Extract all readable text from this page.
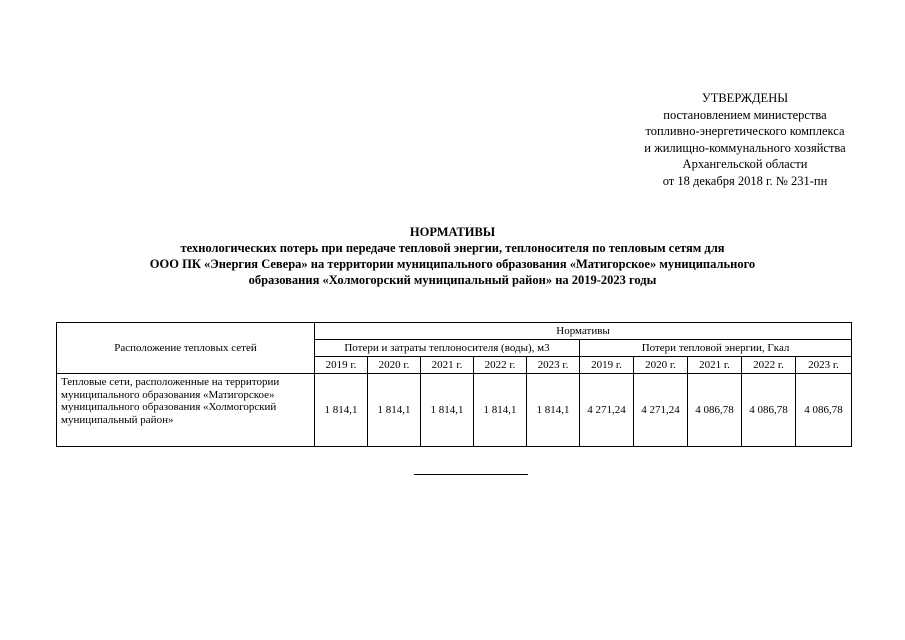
УТВЕРЖДЕНЫ
постановлением министерства
топливно-энергетического комплекса
и жилищно-коммунального хозяйства
Архангельской области
от 18 декабря 2018 г. № 231-пн
НОРМАТИВЫ
технологических потерь при передаче тепловой энергии, теплоносителя по тепловым сетям для
ООО ПК «Энергия Севера» на территории муниципального образования «Матигорское» муниципального
образования «Холмогорский муниципальный район» на 2019-2023 годы
Расположение тепловых сетей	Нормативы									
	Потери и затраты теплоносителя (воды), м3					Потери тепловой энергии, Гкал				
	2019 г.	2020 г.	2021 г.	2022 г.	2023 г.	2019 г.	2020 г.	2021 г.	2022 г.	2023 г.
Тепловые сети, расположенные на территории муниципального образования «Матигорское» муниципального образования «Холмогорский муниципальный район»	1 814,1	1 814,1	1 814,1	1 814,1	1 814,1	4 271,24	4 271,24	4 086,78	4 086,78	4 086,78
